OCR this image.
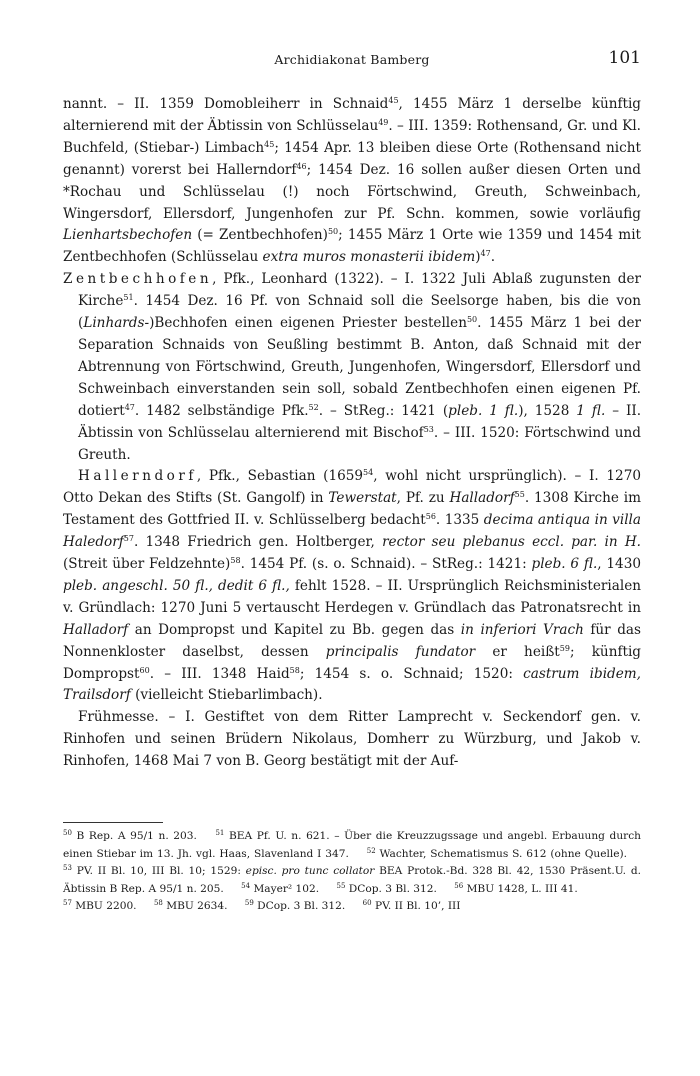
Archidiakonat Bamberg	101

nannt. – II. 1359 Domobleiherr in Schnaid$^{45}$, 1455 März 1 derselbe künftig alternierend mit der Äbtissin von Schlüsselau$^{49}$. – III. 1359: Rothensand, Gr. und Kl. Buchfeld, (Stiebar-) Limbach$^{45}$; 1454 Apr. 13 bleiben diese Orte (Rothensand nicht genannt) vorerst bei Hallerndorf$^{46}$; 1454 Dez. 16 sollen außer diesen Orten und *Rochau und Schlüsselau (!) noch Förtschwind, Greuth, Schweinbach, Wingersdorf, Ellersdorf, Jungenhofen zur Pf. Schn. kommen, sowie vorläufig Lienhartsbechofen (= Zentbechhofen)$^{50}$; 1455 März 1 Orte wie 1359 und 1454 mit Zentbechhofen (Schlüsselau extra muros monasterii ibidem)$^{47}$.

Zentbechhofen, Pfk., Leonhard (1322). – I. 1322 Juli Ablaß zugunsten der Kirche$^{51}$. 1454 Dez. 16 Pf. von Schnaid soll die Seelsorge haben, bis die von (Linhards-)Bechhofen einen eigenen Priester bestellen$^{50}$. 1455 März 1 bei der Separation Schnaids von Seußling bestimmt B. Anton, daß Schnaid mit der Abtrennung von Förtschwind, Greuth, Jungenhofen, Wingersdorf, Ellersdorf und Schweinbach einverstanden sein soll, sobald Zentbechhofen einen eigenen Pf. dotiert$^{47}$. 1482 selbständige Pfk.$^{52}$. – StReg.: 1421 (pleb. 1 fl.), 1528 1 fl. – II. Äbtissin von Schlüsselau alternierend mit Bischof$^{53}$. – III. 1520: Förtschwind und Greuth.

Hallerndorf, Pfk., Sebastian (1659$^{54}$, wohl nicht ursprünglich). – I. 1270 Otto Dekan des Stifts (St. Gangolf) in Tewerstat, Pf. zu Halladorf$^{55}$. 1308 Kirche im Testament des Gottfried II. v. Schlüsselberg bedacht$^{56}$. 1335 decima antiqua in villa Haledorf$^{57}$. 1348 Friedrich gen. Holtberger, rector seu plebanus eccl. par. in H. (Streit über Feldzehnte)$^{58}$. 1454 Pf. (s. o. Schnaid). – StReg.: 1421: pleb. 6 fl., 1430 pleb. angeschl. 50 fl., dedit 6 fl., fehlt 1528. – II. Ursprünglich Reichsministerialen v. Gründlach: 1270 Juni 5 vertauscht Herdegen v. Gründlach das Patronatsrecht in Halladorf an Dompropst und Kapitel zu Bb. gegen das in inferiori Vrach für das Nonnenkloster daselbst, dessen principalis fundator er heißt$^{59}$; künftig Dompropst$^{60}$. – III. 1348 Haid$^{58}$; 1454 s. o. Schnaid; 1520: castrum ibidem, Trailsdorf (vielleicht Stiebarlimbach).

Frühmesse. – I. Gestiftet von dem Ritter Lamprecht v. Seckendorf gen. v. Rinhofen und seinen Brüdern Nikolaus, Domherr zu Würzburg, und Jakob v. Rinhofen, 1468 Mai 7 von B. Georg bestätigt mit der Auf-

$^{50}$ B Rep. A 95/1 n. 203.	$^{51}$ BEA Pf. U. n. 621. – Über die Kreuzzugssage und angebl. Erbauung durch einen Stiebar im 13. Jh. vgl. Haas, Slavenland I 347.	$^{52}$ Wachter, Schematismus S. 612 (ohne Quelle). $^{53}$ PV. II Bl. 10, III Bl. 10; 1529: episc. pro tunc collator BEA Protok.-Bd. 328 Bl. 42, 1530 Präsent.U. d. Äbtissin B Rep. A 95/1 n. 205. $^{54}$ Mayer² 102. $^{55}$ DCop. 3 Bl. 312. $^{56}$ MBU 1428, L. III 41.

$^{57}$ MBU 2200. $^{58}$ MBU 2634. $^{59}$ DCop. 3 Bl. 312. $^{60}$ PV. II Bl. 10’, III
